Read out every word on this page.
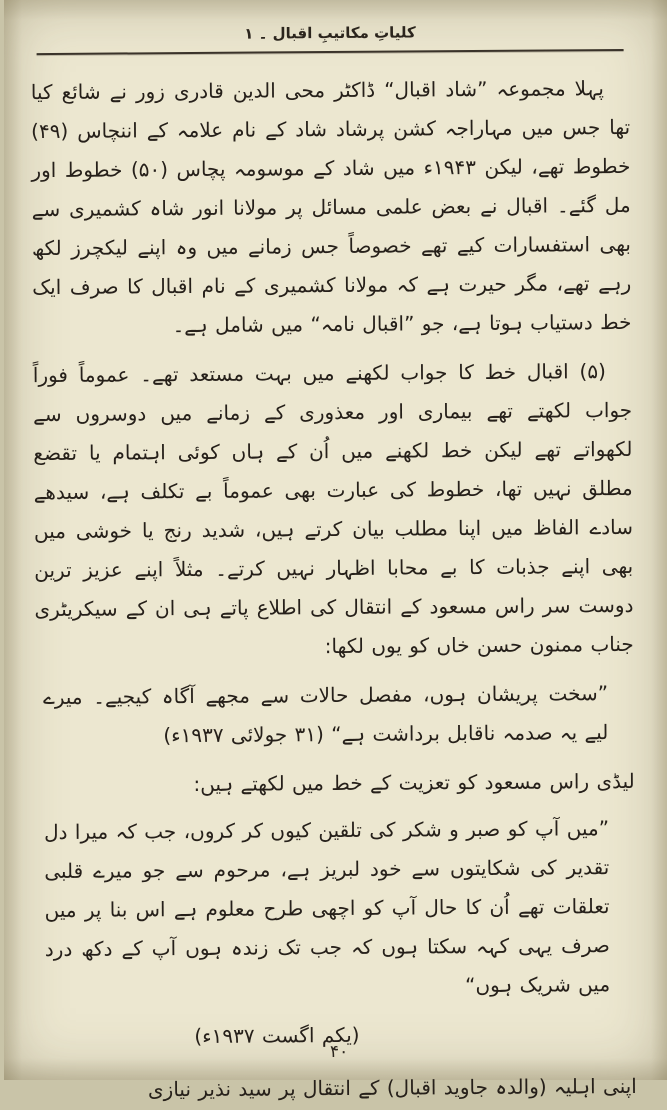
کلیاتِ مکاتیبِ اقبال ۔ ۱

پہلا مجموعہ ”شاد اقبال“ ڈاکٹر محی الدین قادری زور نے شائع کیا تھا جس میں مہاراجہ کشن پرشاد شاد کے نام علامہ کے اننچاس (۴۹) خطوط تھے، لیکن ۱۹۴۳ء میں شاد کے موسومہ پچاس (۵۰) خطوط اور مل گئے۔ اقبال نے بعض علمی مسائل پر مولانا انور شاہ کشمیری سے بھی استفسارات کیے تھے خصوصاً جس زمانے میں وہ اپنے لیکچرز لکھ رہے تھے، مگر حیرت ہے کہ مولانا کشمیری کے نام اقبال کا صرف ایک خط دستیاب ہوتا ہے، جو ”اقبال نامہ“ میں شامل ہے۔

(۵) اقبال خط کا جواب لکھنے میں بہت مستعد تھے۔ عموماً فوراً جواب لکھتے تھے بیماری اور معذوری کے زمانے میں دوسروں سے لکھواتے تھے لیکن خط لکھنے میں اُن کے ہاں کوئی اہتمام یا تقضع مطلق نہیں تھا، خطوط کی عبارت بھی عموماً بے تکلف ہے، سیدھے سادے الفاظ میں اپنا مطلب بیان کرتے ہیں، شدید رنج یا خوشی میں بھی اپنے جذبات کا بے محابا اظہار نہیں کرتے۔ مثلاً اپنے عزیز ترین دوست سر راس مسعود کے انتقال کی اطلاع پاتے ہی ان کے سیکریٹری جناب ممنون حسن خاں کو یوں لکھا:

”سخت پریشان ہوں، مفصل حالات سے مجھے آگاہ کیجیے۔ میرے لیے یہ صدمہ ناقابل برداشت ہے“ (۳۱ جولائی ۱۹۳۷ء)

لیڈی راس مسعود کو تعزیت کے خط میں لکھتے ہیں:

”میں آپ کو صبر و شکر کی تلقین کیوں کر کروں، جب کہ میرا دل تقدیر کی شکایتوں سے خود لبریز ہے، مرحوم سے جو میرے قلبی تعلقات تھے اُن کا حال آپ کو اچھی طرح معلوم ہے اس بنا پر میں صرف یہی کہہ سکتا ہوں کہ جب تک زندہ ہوں آپ کے دکھ درد میں شریک ہوں“

(یکم اگست ۱۹۳۷ء)

اپنی اہلیہ (والدہ جاوید اقبال) کے انتقال پر سید نذیر نیازی

۴۰
